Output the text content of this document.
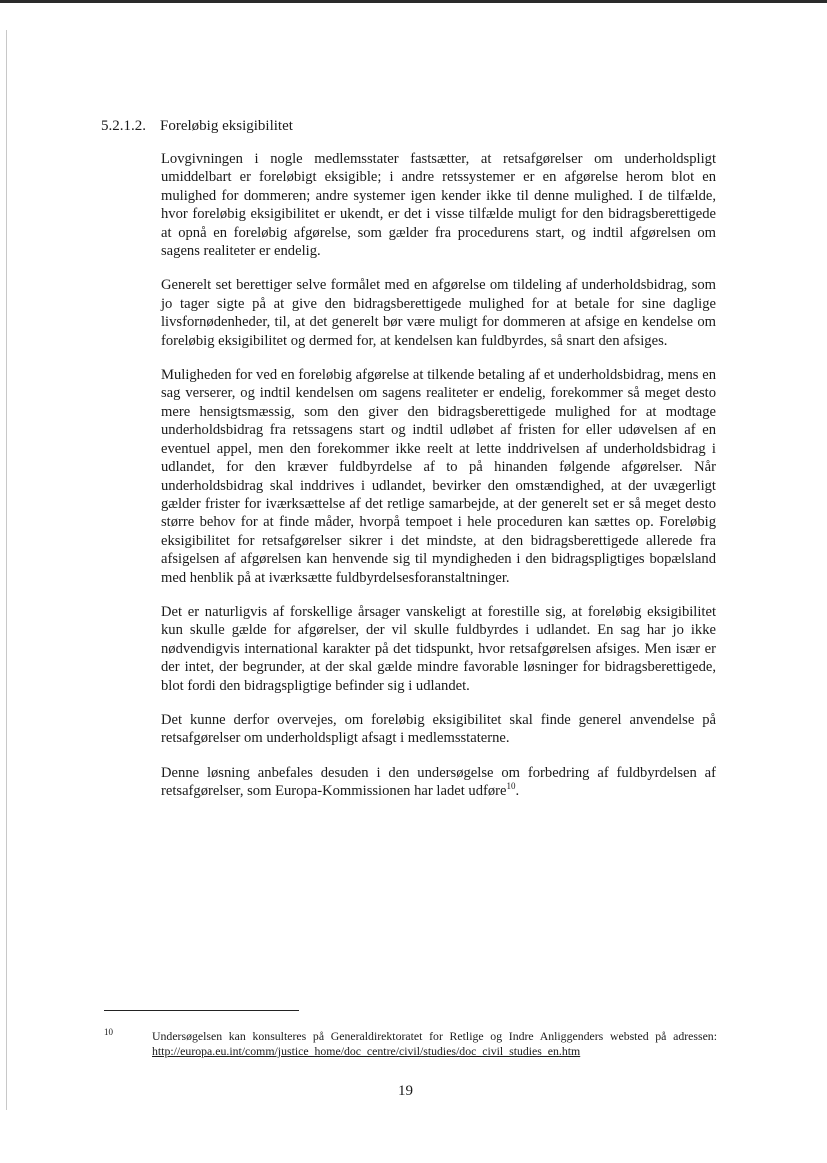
5.2.1.2. Foreløbig eksigibilitet

Lovgivningen i nogle medlemsstater fastsætter, at retsafgørelser om underholdspligt umiddelbart er foreløbigt eksigible; i andre retssystemer er en afgørelse herom blot en mulighed for dommeren; andre systemer igen kender ikke til denne mulighed. I de tilfælde, hvor foreløbig eksigibilitet er ukendt, er det i visse tilfælde muligt for den bidragsberettigede at opnå en foreløbig afgørelse, som gælder fra procedurens start, og indtil afgørelsen om sagens realiteter er endelig.

Generelt set berettiger selve formålet med en afgørelse om tildeling af underholdsbidrag, som jo tager sigte på at give den bidragsberettigede mulighed for at betale for sine daglige livsfornødenheder, til, at det generelt bør være muligt for dommeren at afsige en kendelse om foreløbig eksigibilitet og dermed for, at kendelsen kan fuldbyrdes, så snart den afsiges.

Muligheden for ved en foreløbig afgørelse at tilkende betaling af et underholdsbidrag, mens en sag verserer, og indtil kendelsen om sagens realiteter er endelig, forekommer så meget desto mere hensigtsmæssig, som den giver den bidragsberettigede mulighed for at modtage underholdsbidrag fra retssagens start og indtil udløbet af fristen for eller udøvelsen af en eventuel appel, men den forekommer ikke reelt at lette inddrivelsen af underholdsbidrag i udlandet, for den kræver fuldbyrdelse af to på hinanden følgende afgørelser. Når underholdsbidrag skal inddrives i udlandet, bevirker den omstændighed, at der uvægerligt gælder frister for iværksættelse af det retlige samarbejde, at der generelt set er så meget desto større behov for at finde måder, hvorpå tempoet i hele proceduren kan sættes op. Foreløbig eksigibilitet for retsafgørelser sikrer i det mindste, at den bidragsberettigede allerede fra afsigelsen af afgørelsen kan henvende sig til myndigheden i den bidragspligtiges bopælsland med henblik på at iværksætte fuldbyrdelsesforanstaltninger.

Det er naturligvis af forskellige årsager vanskeligt at forestille sig, at foreløbig eksigibilitet kun skulle gælde for afgørelser, der vil skulle fuldbyrdes i udlandet. En sag har jo ikke nødvendigvis international karakter på det tidspunkt, hvor retsafgørelsen afsiges. Men især er der intet, der begrunder, at der skal gælde mindre favorable løsninger for bidragsberettigede, blot fordi den bidragspligtige befinder sig i udlandet.

Det kunne derfor overvejes, om foreløbig eksigibilitet skal finde generel anvendelse på retsafgørelser om underholdspligt afsagt i medlemsstaterne.

Denne løsning anbefales desuden i den undersøgelse om forbedring af fuldbyrdelsen af retsafgørelser, som Europa-Kommissionen har ladet udføre$^{10}$.

10	Undersøgelsen kan konsulteres på Generaldirektoratet for Retlige og Indre Anliggenders websted på adressen: http://europa.eu.int/comm/justice_home/doc_centre/civil/studies/doc_civil_studies_en.htm
19
